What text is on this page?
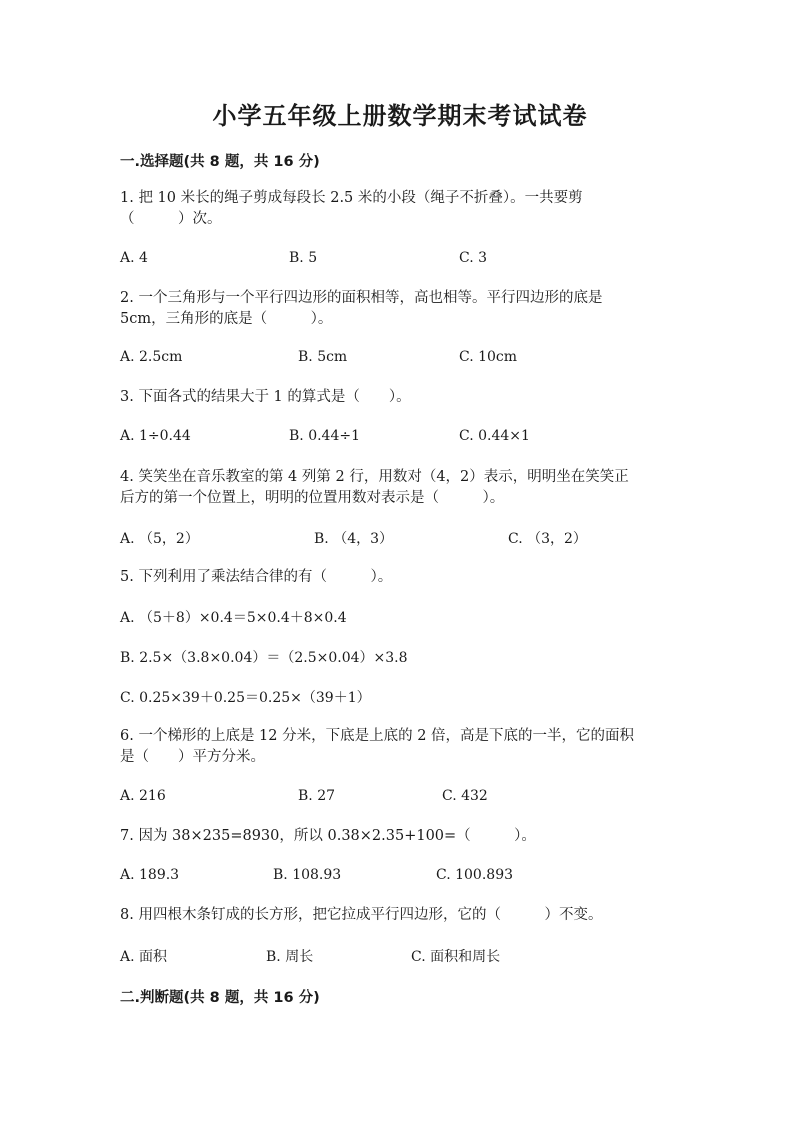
小学五年级上册数学期末考试试卷
一.选择题(共 8 题，共 16 分)
1. 把 10 米长的绳子剪成每段长 2.5 米的小段（绳子不折叠）。一共要剪
（　　　）次。
A. 4	B. 5	C. 3
2. 一个三角形与一个平行四边形的面积相等，高也相等。平行四边形的底是
5cm，三角形的底是（　　　）。
A. 2.5cm	B. 5cm	C. 10cm
3. 下面各式的结果大于 1 的算式是（　　）。
A. 1÷0.44	B. 0.44÷1	C. 0.44×1
4. 笑笑坐在音乐教室的第 4 列第 2 行，用数对（4，2）表示，明明坐在笑笑正
后方的第一个位置上，明明的位置用数对表示是（　　　）。
A. （5，2）	B. （4，3）	C. （3，2）
5. 下列利用了乘法结合律的有（　　　）。
A. （5＋8）×0.4＝5×0.4＋8×0.4
B. 2.5×（3.8×0.04）＝（2.5×0.04）×3.8
C. 0.25×39＋0.25＝0.25×（39＋1）
6. 一个梯形的上底是 12 分米，下底是上底的 2 倍，高是下底的一半，它的面积
是（　　）平方分米。
A. 216	B. 27	C. 432
7. 因为 38×235=8930，所以 0.38×2.35+100=（　　　）。
A. 189.3	B. 108.93	C. 100.893
8. 用四根木条钉成的长方形，把它拉成平行四边形，它的（　　　）不变。
A. 面积	B. 周长	C. 面积和周长
二.判断题(共 8 题，共 16 分)
